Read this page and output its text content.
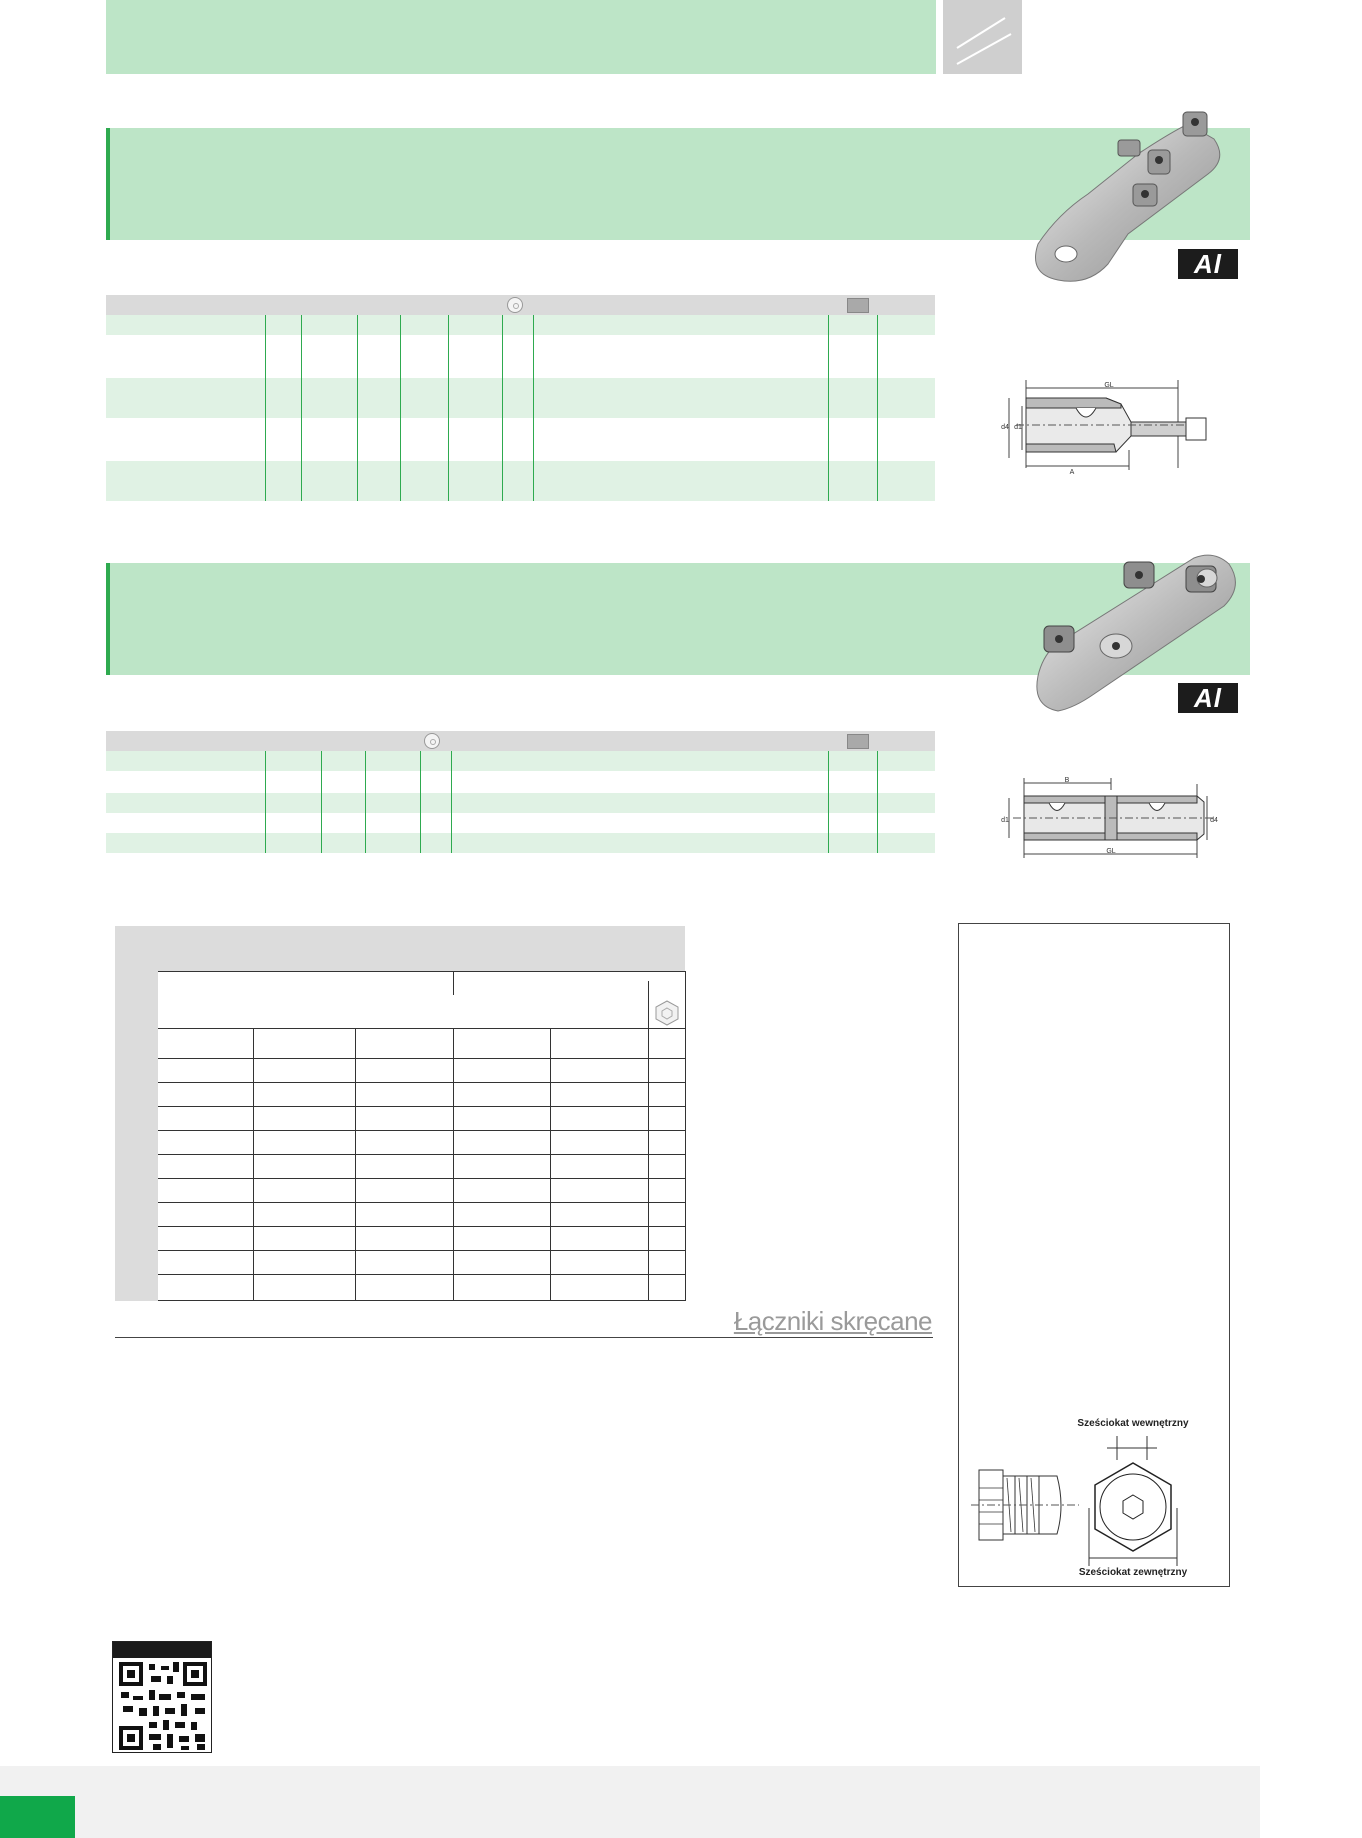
Al
GL
d4 d1
A
Al
B
d1	d4
GL
Łączniki skręcane
Sześciokat wewnętrzny
Sześciokat zewnętrzny
